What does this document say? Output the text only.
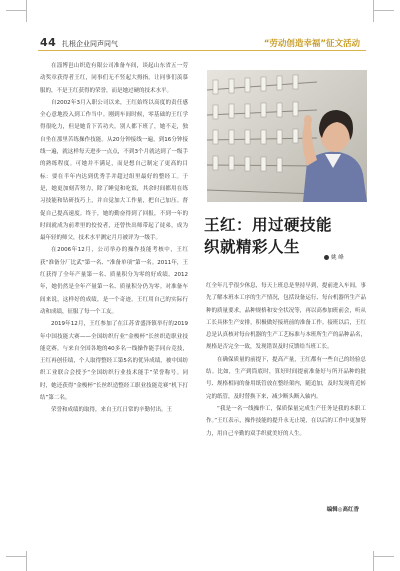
44 扎根企业同声同气	“劳动创造幸福”征文活动

在淄博岜山织造有限公司准备车间，谈起山东省五一劳动奖章获得者王红，同事们无不竖起大拇指。让同事们羡慕服的，不是王红获得的荣誉，而是她过硬的技术水平。

自2002年3月入职公司以来，王红始终以高度的责任感全心意地投入到工作当中。刚到车间时候，零基础的王红学得很吃力，但是她肯下苦功夫。别人都下班了，她不走，独自坐在那里苦练操作技能。从20分钟接线一遍，到16分钟接线一遍，就这样每天进步一点点，不到3个月就达到了一级手的熟练程度。可她并不满足，而是想自己制定了更高的目标：要在半年内达到优秀手并超过组里最好的整经工。于是，她更加刻苦努力，除了睡觉和吃饭，其余时间都用在练习技能和钻研技巧上，并自觉加大工作量，把自己加压。督促自己提高速度。终于，她的勤奋得到了回报，不到一年的时间就成为前辈里的佼佼者，还曾快出师带起了徒弟，成为最年轻的师父，技术水平测定月月被评为一级手。

在2006年12月，公司举办的操作技能考核中，王红获“准备分厂比武”第一名、“准备单项”第一名。2011年，王红获得了全年产量第一名、质量积分为零的好成绩。2012年，她仍然是全年产量第一名、质量积分仍为零。对准备车间来说，这样好的成绩，是一个奇迹。王红用自己的实际行动和成绩，征服了每一个工友。

2019年12月，王红参加了在江苏省盛泽镇举行的2019年中国技能大赛——全国纺织行业“金梭杯”长丝织造职业技能竞赛。与来自全国各地的40多名一线操作能手同台竞技，王红再创佳绩，个人取得整经工第5名的优异成绩，被中国纺织工业联合会授予“全国纺织行业技术能手”荣誉称号。同时，她还获得“金梭杯”长丝织造整经工职业技能竞赛“机下打结”第二名。

荣誉和成绩的取得，来自王红日常的辛勤付出。王

王红：用过硬技能
织就精彩人生
姚 峰

红全年几乎很少休息，每天上班总是坚持早到，提前进入车间，事先了解本班本工序的生产情况，包括设备运行、每台机器所生产品种的质量要求，品种规格和安全状况等，再以高参加班前会，听从工长具体生产安排，积极做好接班前的准备工作。接班以后，王红总是认真核对每台机器的生产工艺标准与本班所生产的品种品名，规格是否完全一致，发现错误及时反馈给当班工长。

在确保质量的前提下，提高产量，王红都有一些自己的经验总结。比如，生产到筒底时，算好时间提前准备好与所开品种的批号、规格相同的备用纸管放在整经架内，随追加，及时发现将近转完的纸管，及时替换下来，减少断头断入轴内。

“我是一名一线操作工，保质保量完成生产任务是我的本职工作。”王红表示，操作技能的提升永无止境，在以后的工作中更加努力，用自己辛勤的双手织就美好的人生。

编辑◎高红香
